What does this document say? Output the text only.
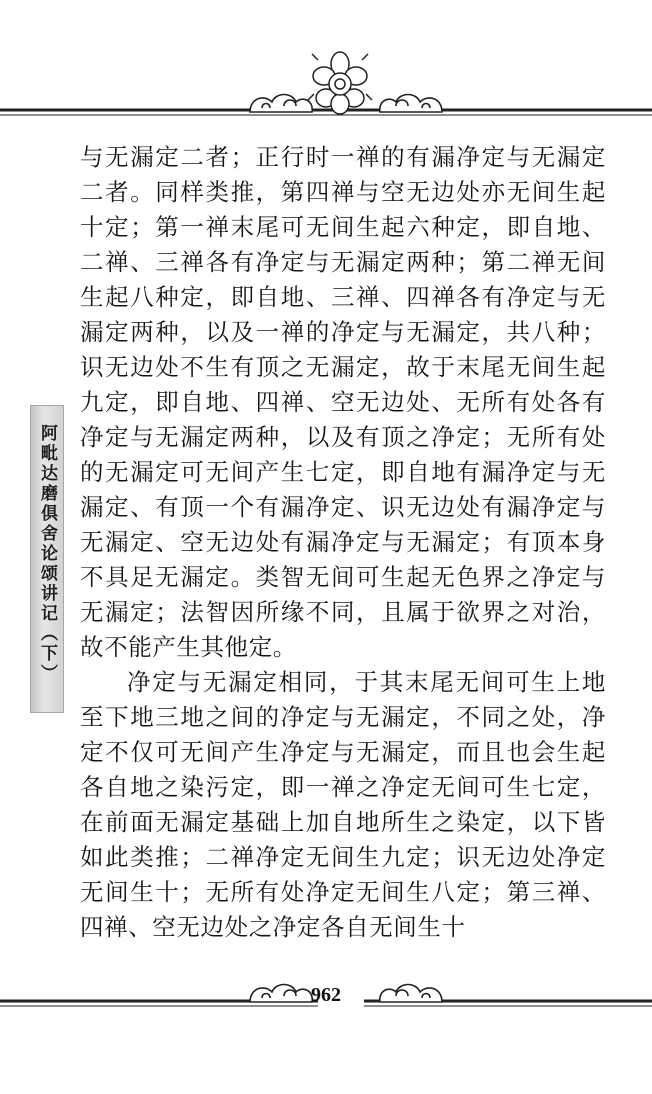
阿毗达磨俱舍论颂讲记（下）

与无漏定二者；正行时一禅的有漏净定与无漏定二者。同样类推，第四禅与空无边处亦无间生起十定；第一禅末尾可无间生起六种定，即自地、二禅、三禅各有净定与无漏定两种；第二禅无间生起八种定，即自地、三禅、四禅各有净定与无漏定两种，以及一禅的净定与无漏定，共八种；识无边处不生有顶之无漏定，故于末尾无间生起九定，即自地、四禅、空无边处、无所有处各有净定与无漏定两种，以及有顶之净定；无所有处的无漏定可无间产生七定，即自地有漏净定与无漏定、有顶一个有漏净定、识无边处有漏净定与无漏定、空无边处有漏净定与无漏定；有顶本身不具足无漏定。类智无间可生起无色界之净定与无漏定；法智因所缘不同，且属于欲界之对治，故不能产生其他定。

净定与无漏定相同，于其末尾无间可生上地至下地三地之间的净定与无漏定，不同之处，净定不仅可无间产生净定与无漏定，而且也会生起各自地之染污定，即一禅之净定无间可生七定，在前面无漏定基础上加自地所生之染定，以下皆如此类推；二禅净定无间生九定；识无边处净定无间生十；无所有处净定无间生八定；第三禅、四禅、空无边处之净定各自无间生十

962
